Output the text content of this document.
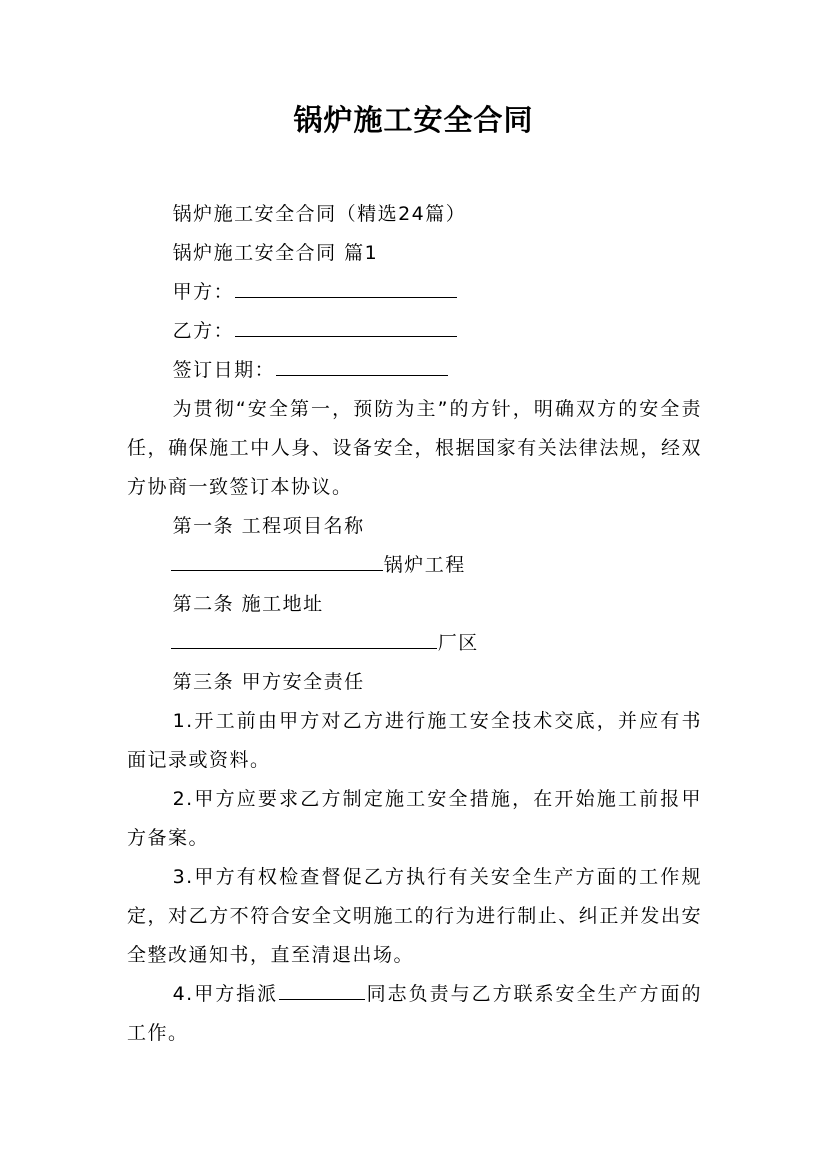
锅炉施工安全合同

锅炉施工安全合同（精选24篇）

锅炉施工安全合同 篇1

甲方：

乙方：

签订日期：

为贯彻“安全第一，预防为主”的方针，明确双方的安全责任，确保施工中人身、设备安全，根据国家有关法律法规，经双方协商一致签订本协议。

第一条 工程项目名称

锅炉工程

第二条 施工地址

厂区

第三条 甲方安全责任

1.开工前由甲方对乙方进行施工安全技术交底，并应有书面记录或资料。

2.甲方应要求乙方制定施工安全措施，在开始施工前报甲方备案。

3.甲方有权检查督促乙方执行有关安全生产方面的工作规定，对乙方不符合安全文明施工的行为进行制止、纠正并发出安全整改通知书，直至清退出场。

4.甲方指派	同志负责与乙方联系安全生产方面的工作。
